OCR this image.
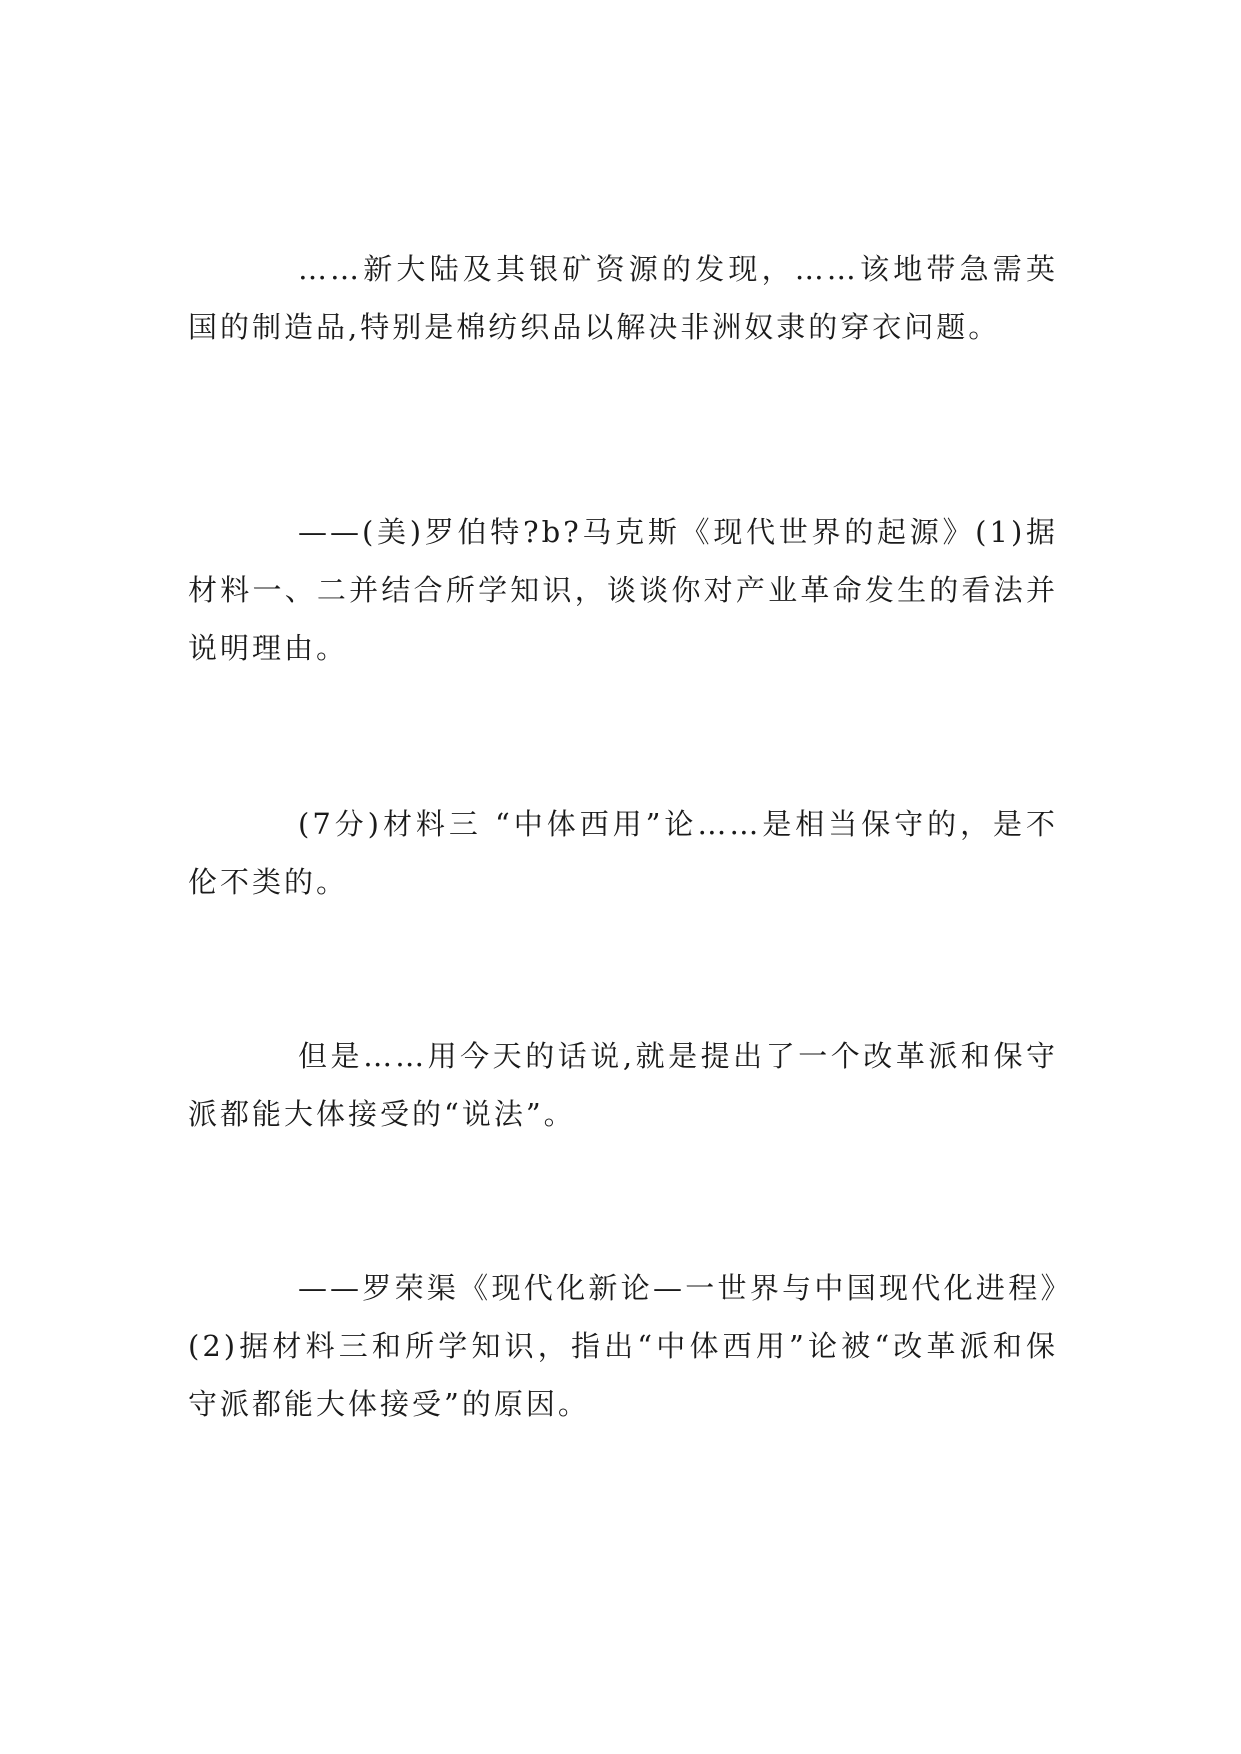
……新大陆及其银矿资源的发现，……该地带急需英国的制造品,特别是棉纺织品以解决非洲奴隶的穿衣问题。

——(美)罗伯特?b?马克斯《现代世界的起源》(1)据材料一、二并结合所学知识，谈谈你对产业革命发生的看法并说明理由。

(7分)材料三 “中体西用”论……是相当保守的，是不伦不类的。

但是……用今天的话说,就是提出了一个改革派和保守派都能大体接受的“说法”。

——罗荣渠《现代化新论—一世界与中国现代化进程》(2)据材料三和所学知识，指出“中体西用”论被“改革派和保守派都能大体接受”的原因。
